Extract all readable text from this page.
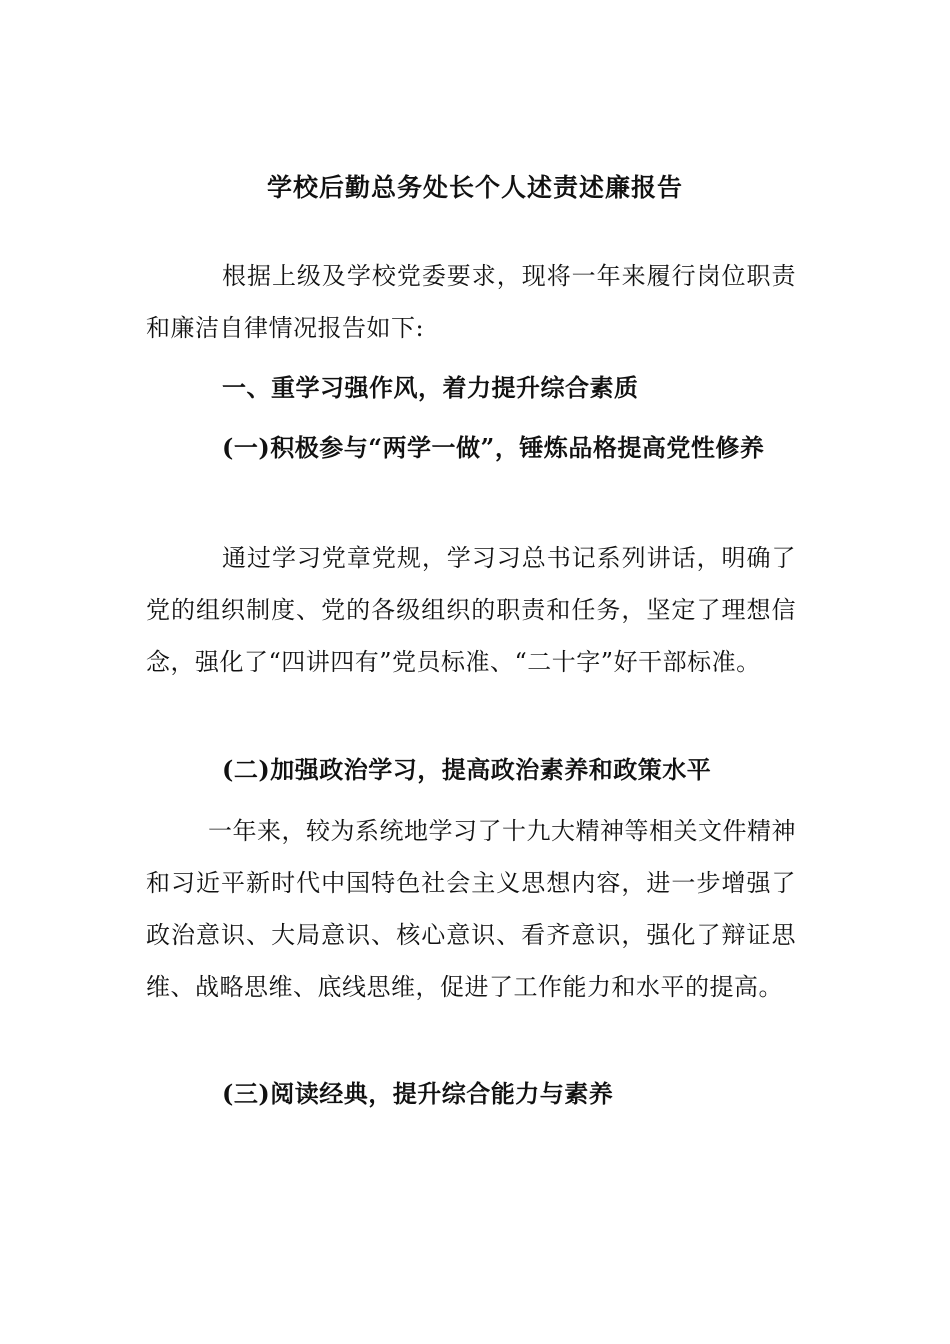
学校后勤总务处长个人述责述廉报告
根据上级及学校党委要求，现将一年来履行岗位职责和廉洁自律情况报告如下:
一、重学习强作风，着力提升综合素质
(一)积极参与“两学一做”，锤炼品格提高党性修养
通过学习党章党规，学习习总书记系列讲话，明确了党的组织制度、党的各级组织的职责和任务，坚定了理想信念，强化了“四讲四有”党员标准、“二十字”好干部标准。
(二)加强政治学习，提高政治素养和政策水平
一年来，较为系统地学习了十九大精神等相关文件精神和习近平新时代中国特色社会主义思想内容，进一步增强了政治意识、大局意识、核心意识、看齐意识，强化了辩证思维、战略思维、底线思维，促进了工作能力和水平的提高。
(三)阅读经典，提升综合能力与素养
